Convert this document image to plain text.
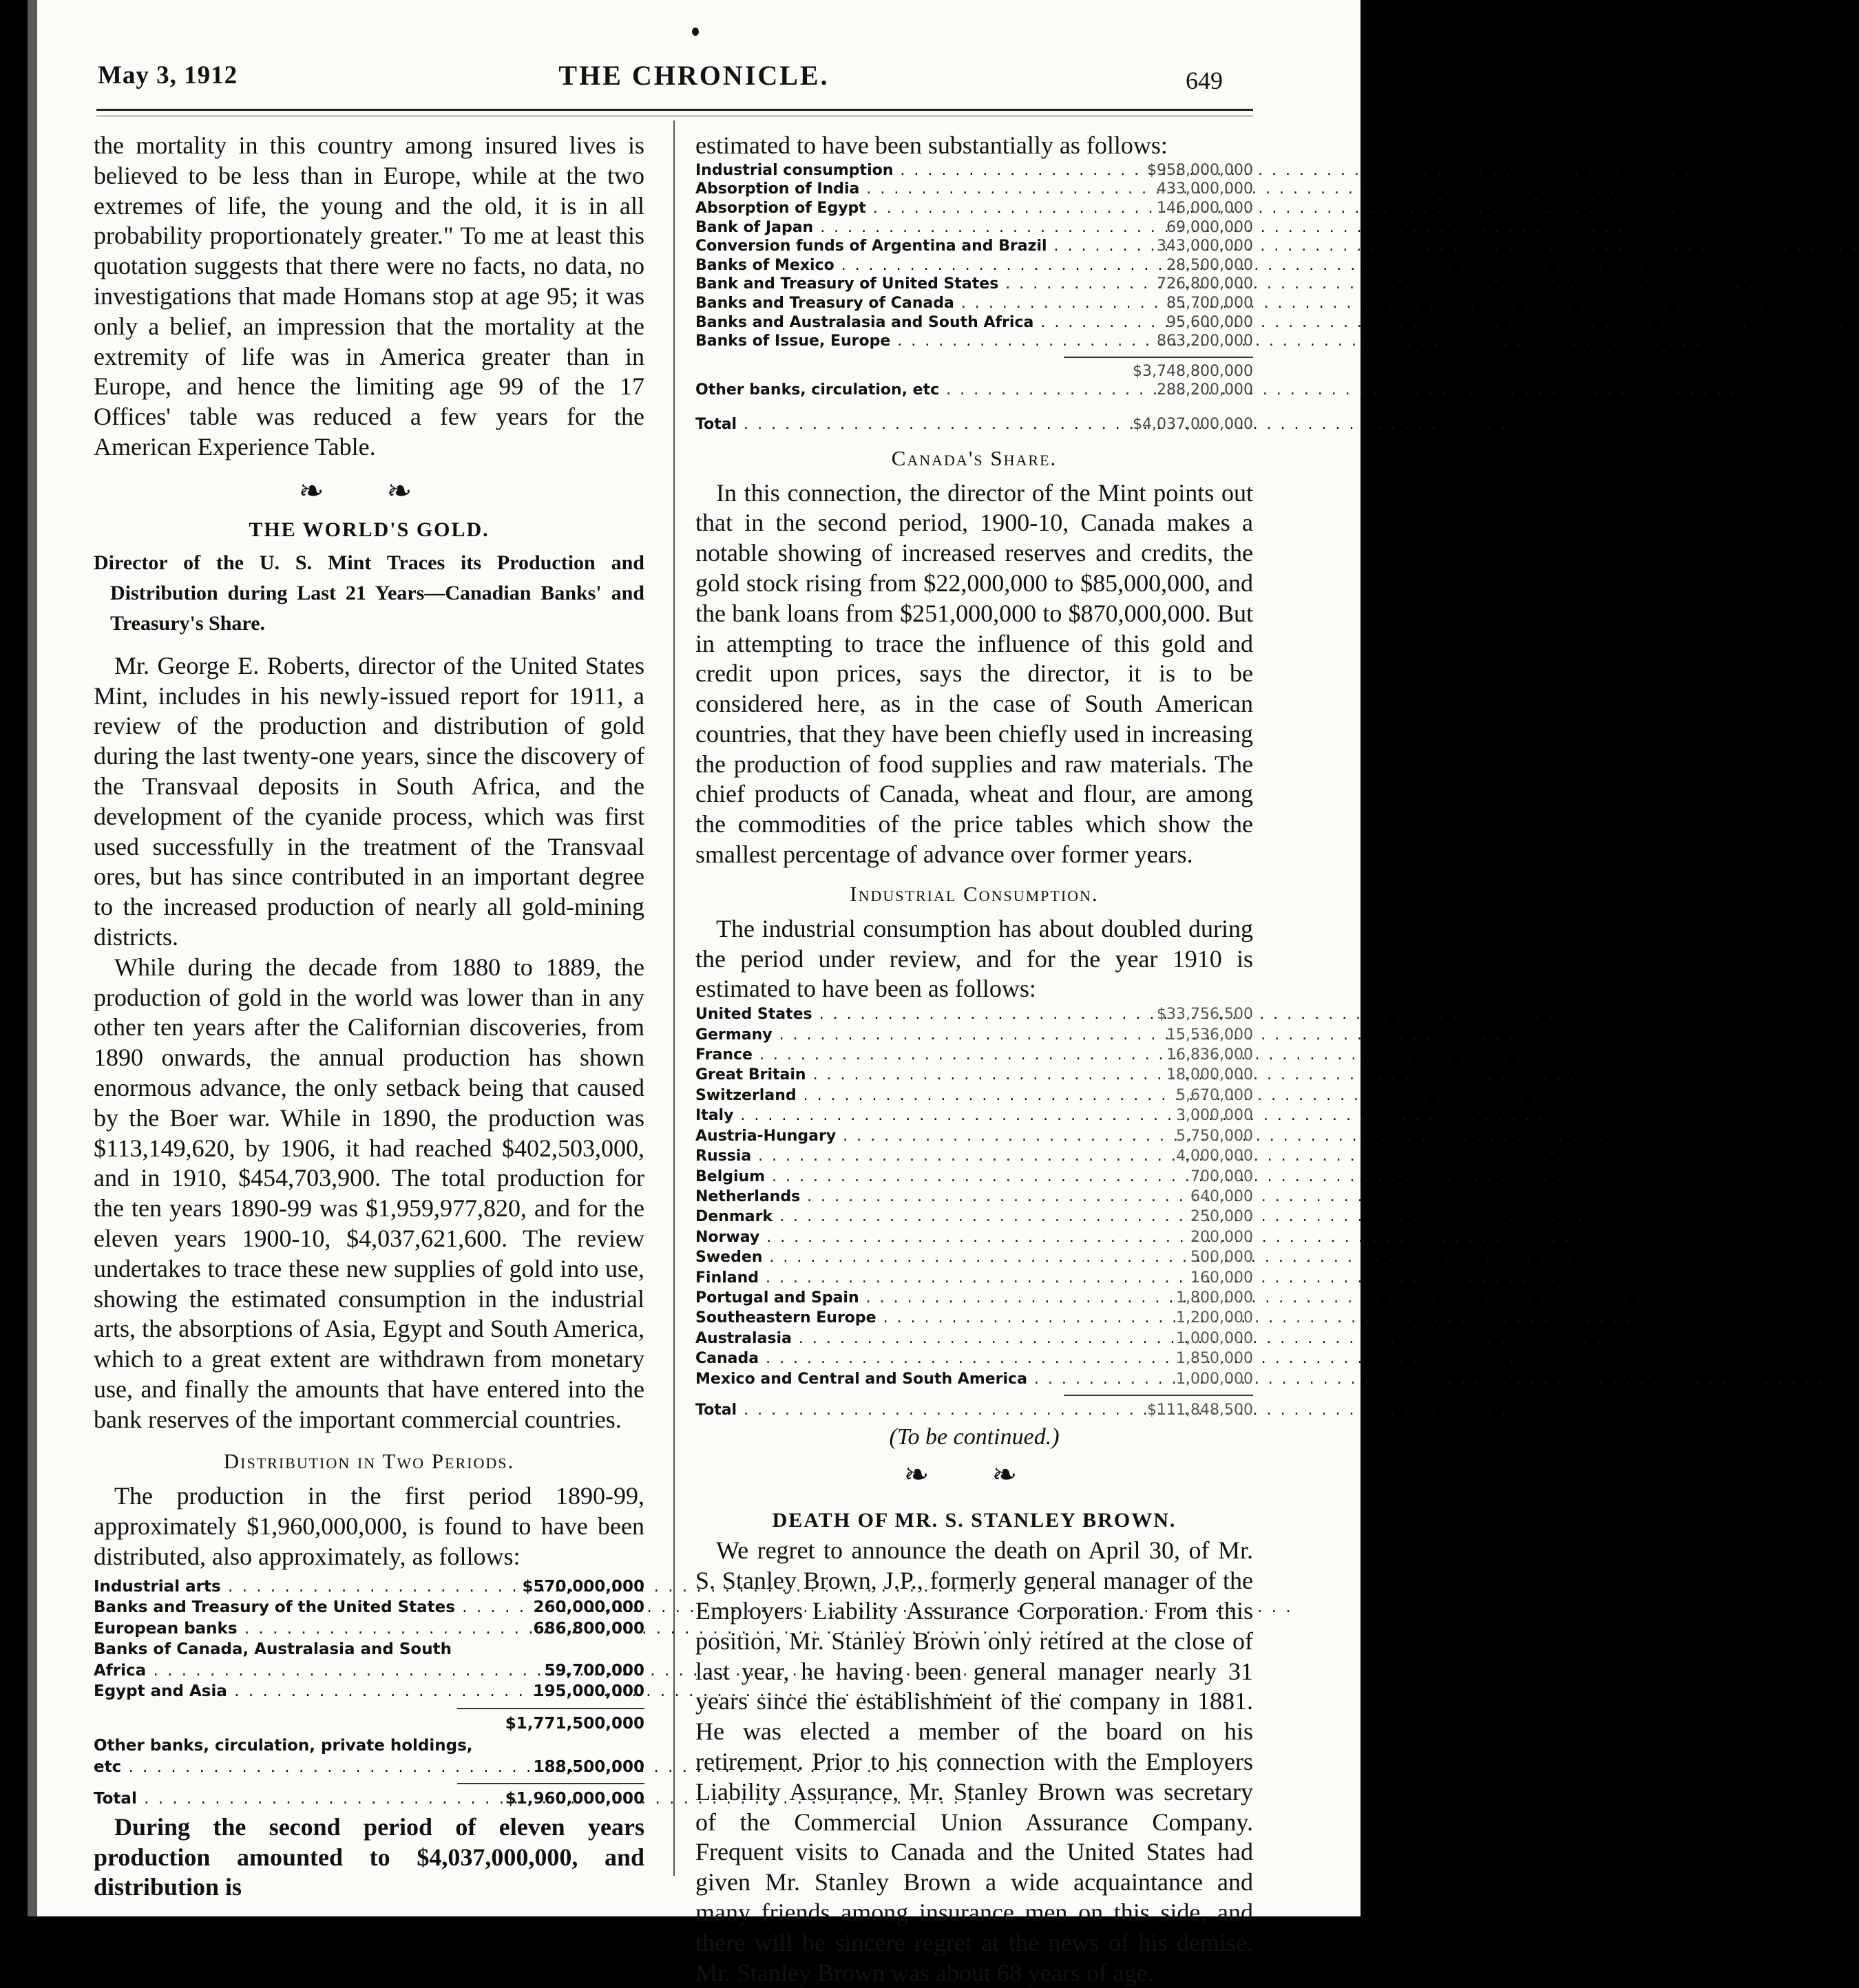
May 3, 1912	THE CHRONICLE.	649

the mortality in this country among insured lives is believed to be less than in Europe, while at the two extremes of life, the young and the old, it is in all probability proportionately greater." To me at least this quotation suggests that there were no facts, no data, no investigations that made Homans stop at age 95; it was only a belief, an impression that the mortality at the extremity of life was in America greater than in Europe, and hence the limiting age 99 of the 17 Offices' table was reduced a few years for the American Experience Table.

❧ ❧
THE WORLD'S GOLD.
Director of the U. S. Mint Traces its Production and Distribution during Last 21 Years—Canadian Banks' and Treasury's Share.

Mr. George E. Roberts, director of the United States Mint, includes in his newly-issued report for 1911, a review of the production and distribution of gold during the last twenty-one years, since the discovery of the Transvaal deposits in South Africa, and the development of the cyanide process, which was first used successfully in the treatment of the Transvaal ores, but has since contributed in an important degree to the increased production of nearly all gold-mining districts.

While during the decade from 1880 to 1889, the production of gold in the world was lower than in any other ten years after the Californian discoveries, from 1890 onwards, the annual production has shown enormous advance, the only setback being that caused by the Boer war. While in 1890, the production was $113,149,620, by 1906, it had reached $402,503,000, and in 1910, $454,703,900. The total production for the ten years 1890-99 was $1,959,977,820, and for the eleven years 1900-10, $4,037,621,600. The review undertakes to trace these new supplies of gold into use, showing the estimated consumption in the industrial arts, the absorptions of Asia, Egypt and South America, which to a great extent are withdrawn from monetary use, and finally the amounts that have entered into the bank reserves of the important commercial countries.

Distribution in Two Periods.

The production in the first period 1890-99, approximately $1,960,000,000, is found to have been distributed, also approximately, as follows:

Industrial arts . . .	$570,000,000
Banks and Treasury of the United States . . .	260,000,000
European banks . . .	686,800,000
Banks of Canada, Australasia and South	
Africa . . .	59,700,000
Egypt and Asia . . .	195,000,000
	$1,771,500,000
Other banks, circulation, private holdings,	
etc . . .	188,500,000
Total . . .	$1,960,000,000

During the second period of eleven years production amounted to $4,037,000,000, and distribution is

estimated to have been substantially as follows:

Industrial consumption . . .	$958,000,000
Absorption of India . . .	433,000,000
Absorption of Egypt . . .	146,000,000
Bank of Japan . . .	69,000,000
Conversion funds of Argentina and Brazil . . .	343,000,000
Banks of Mexico . . .	28,500,000
Bank and Treasury of United States . . .	726,800,000
Banks and Treasury of Canada . . .	85,700,000
Banks and Australasia and South Africa . . .	95,600,000
Banks of Issue, Europe . . .	863,200,000
	$3,748,800,000
Other banks, circulation, etc . . .	288,200,000
Total . . .	$4,037,000,000
Canada's Share.

In this connection, the director of the Mint points out that in the second period, 1900-10, Canada makes a notable showing of increased reserves and credits, the gold stock rising from $22,000,000 to $85,000,000, and the bank loans from $251,000,000 to $870,000,000. But in attempting to trace the influence of this gold and credit upon prices, says the director, it is to be considered here, as in the case of South American countries, that they have been chiefly used in increasing the production of food supplies and raw materials. The chief products of Canada, wheat and flour, are among the commodities of the price tables which show the smallest percentage of advance over former years.

Industrial Consumption.

The industrial consumption has about doubled during the period under review, and for the year 1910 is estimated to have been as follows:

United States . . .	$33,756,500
Germany . . .	15,536,000
France . . .	16,836,000
Great Britain . . .	18,000,000
Switzerland . . .	5,670,000
Italy . . .	3,000,000
Austria-Hungary . . .	5,750,000
Russia . . .	4,000,000
Belgium . . .	700,000
Netherlands . . .	640,000
Denmark . . .	250,000
Norway . . .	200,000
Sweden . . .	500,000
Finland . . .	160,000
Portugal and Spain . . .	1,800,000
Southeastern Europe . . .	1,200,000
Australasia . . .	1,000,000
Canada . . .	1,850,000
Mexico and Central and South America . . .	1,000,000
Total . . .	$111,848,500
(To be continued.)
❧ ❧
DEATH OF MR. S. STANLEY BROWN.

We regret to announce the death on April 30, of Mr. S. Stanley Brown, J.P., formerly general manager of the Employers Liability Assurance Corporation. From this position, Mr. Stanley Brown only retired at the close of last year, he having been general manager nearly 31 years since the establishment of the company in 1881. He was elected a member of the board on his retirement. Prior to his connection with the Employers Liability Assurance, Mr. Stanley Brown was secretary of the Commercial Union Assurance Company. Frequent visits to Canada and the United States had given Mr. Stanley Brown a wide acquaintance and many friends among insurance men on this side, and there will be sincere regret at the news of his demise. Mr. Stanley Brown was about 68 years of age.
